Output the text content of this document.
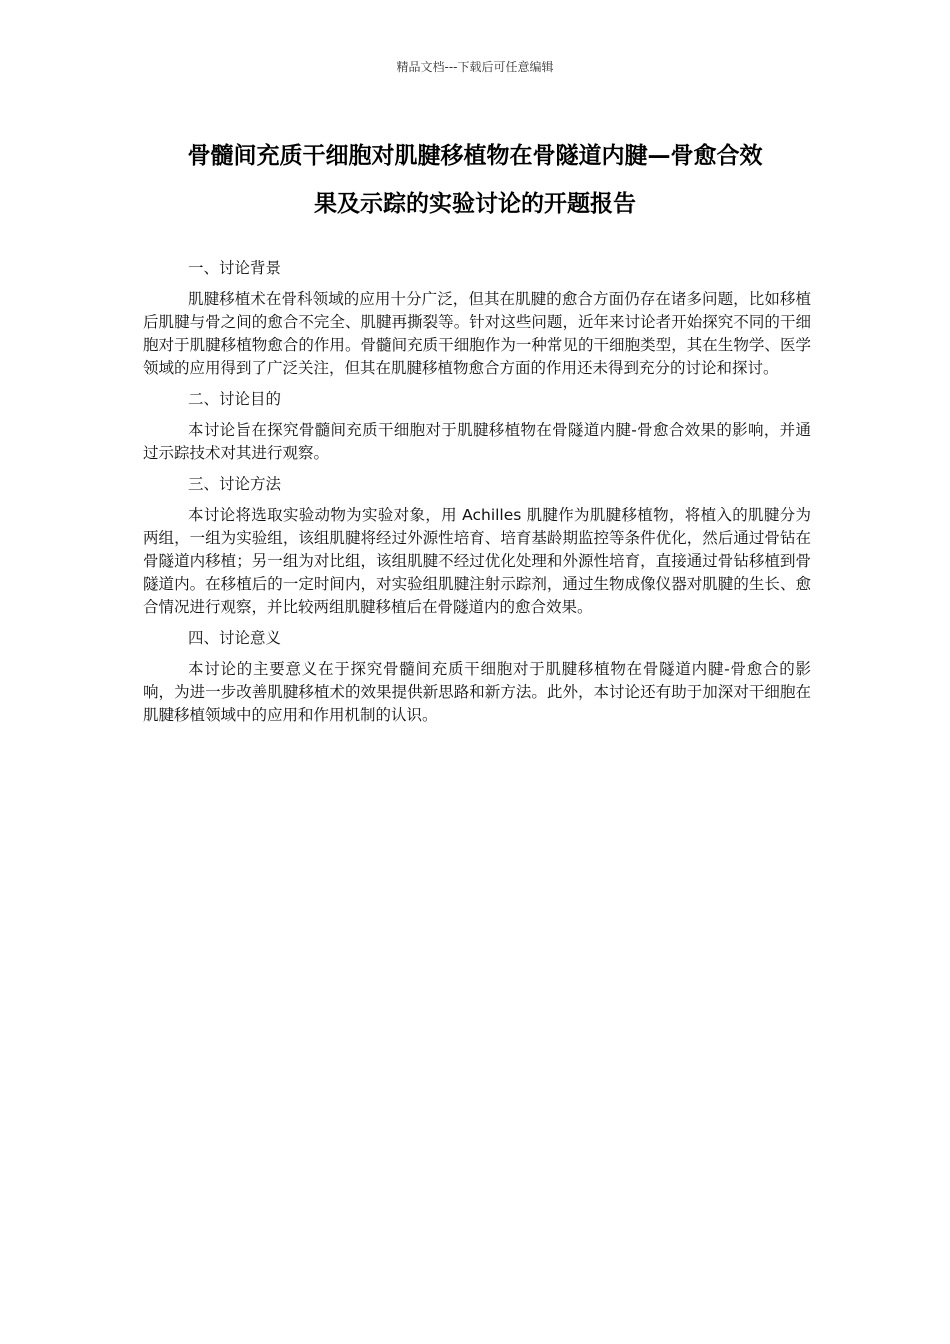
精品文档---下载后可任意编辑
骨髓间充质干细胞对肌腱移植物在骨隧道内腱—骨愈合效
果及示踪的实验讨论的开题报告
一、讨论背景

肌腱移植术在骨科领域的应用十分广泛，但其在肌腱的愈合方面仍存在诸多问题，比如移植后肌腱与骨之间的愈合不完全、肌腱再撕裂等。针对这些问题，近年来讨论者开始探究不同的干细胞对于肌腱移植物愈合的作用。骨髓间充质干细胞作为一种常见的干细胞类型，其在生物学、医学领域的应用得到了广泛关注，但其在肌腱移植物愈合方面的作用还未得到充分的讨论和探讨。

二、讨论目的

本讨论旨在探究骨髓间充质干细胞对于肌腱移植物在骨隧道内腱-骨愈合效果的影响，并通过示踪技术对其进行观察。

三、讨论方法

本讨论将选取实验动物为实验对象，用 Achilles 肌腱作为肌腱移植物，将植入的肌腱分为两组，一组为实验组，该组肌腱将经过外源性培育、培育基龄期监控等条件优化，然后通过骨钻在骨隧道内移植；另一组为对比组，该组肌腱不经过优化处理和外源性培育，直接通过骨钻移植到骨隧道内。在移植后的一定时间内，对实验组肌腱注射示踪剂，通过生物成像仪器对肌腱的生长、愈合情况进行观察，并比较两组肌腱移植后在骨隧道内的愈合效果。

四、讨论意义

本讨论的主要意义在于探究骨髓间充质干细胞对于肌腱移植物在骨隧道内腱-骨愈合的影响，为进一步改善肌腱移植术的效果提供新思路和新方法。此外，本讨论还有助于加深对干细胞在肌腱移植领域中的应用和作用机制的认识。
